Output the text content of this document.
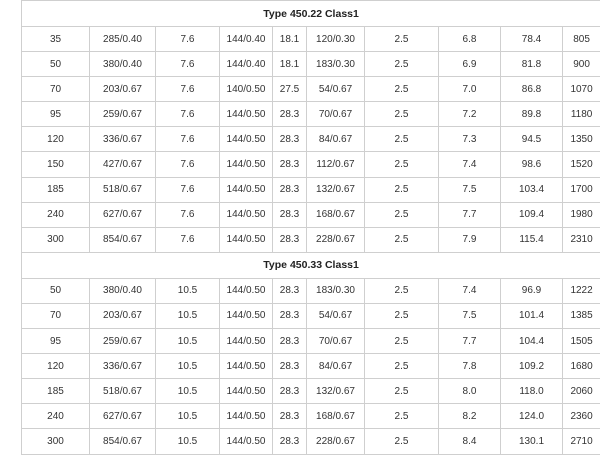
Type 450.22 Class1									
35	285/0.40	7.6	144/0.40	18.1	120/0.30	2.5	6.8	78.4	805
50	380/0.40	7.6	144/0.40	18.1	183/0.30	2.5	6.9	81.8	900
70	203/0.67	7.6	140/0.50	27.5	54/0.67	2.5	7.0	86.8	1070
95	259/0.67	7.6	144/0.50	28.3	70/0.67	2.5	7.2	89.8	1180
120	336/0.67	7.6	144/0.50	28.3	84/0.67	2.5	7.3	94.5	1350
150	427/0.67	7.6	144/0.50	28.3	112/0.67	2.5	7.4	98.6	1520
185	518/0.67	7.6	144/0.50	28.3	132/0.67	2.5	7.5	103.4	1700
240	627/0.67	7.6	144/0.50	28.3	168/0.67	2.5	7.7	109.4	1980
300	854/0.67	7.6	144/0.50	28.3	228/0.67	2.5	7.9	115.4	2310
Type 450.33 Class1									
50	380/0.40	10.5	144/0.50	28.3	183/0.30	2.5	7.4	96.9	1222
70	203/0.67	10.5	144/0.50	28.3	54/0.67	2.5	7.5	101.4	1385
95	259/0.67	10.5	144/0.50	28.3	70/0.67	2.5	7.7	104.4	1505
120	336/0.67	10.5	144/0.50	28.3	84/0.67	2.5	7.8	109.2	1680
185	518/0.67	10.5	144/0.50	28.3	132/0.67	2.5	8.0	118.0	2060
240	627/0.67	10.5	144/0.50	28.3	168/0.67	2.5	8.2	124.0	2360
300	854/0.67	10.5	144/0.50	28.3	228/0.67	2.5	8.4	130.1	2710
